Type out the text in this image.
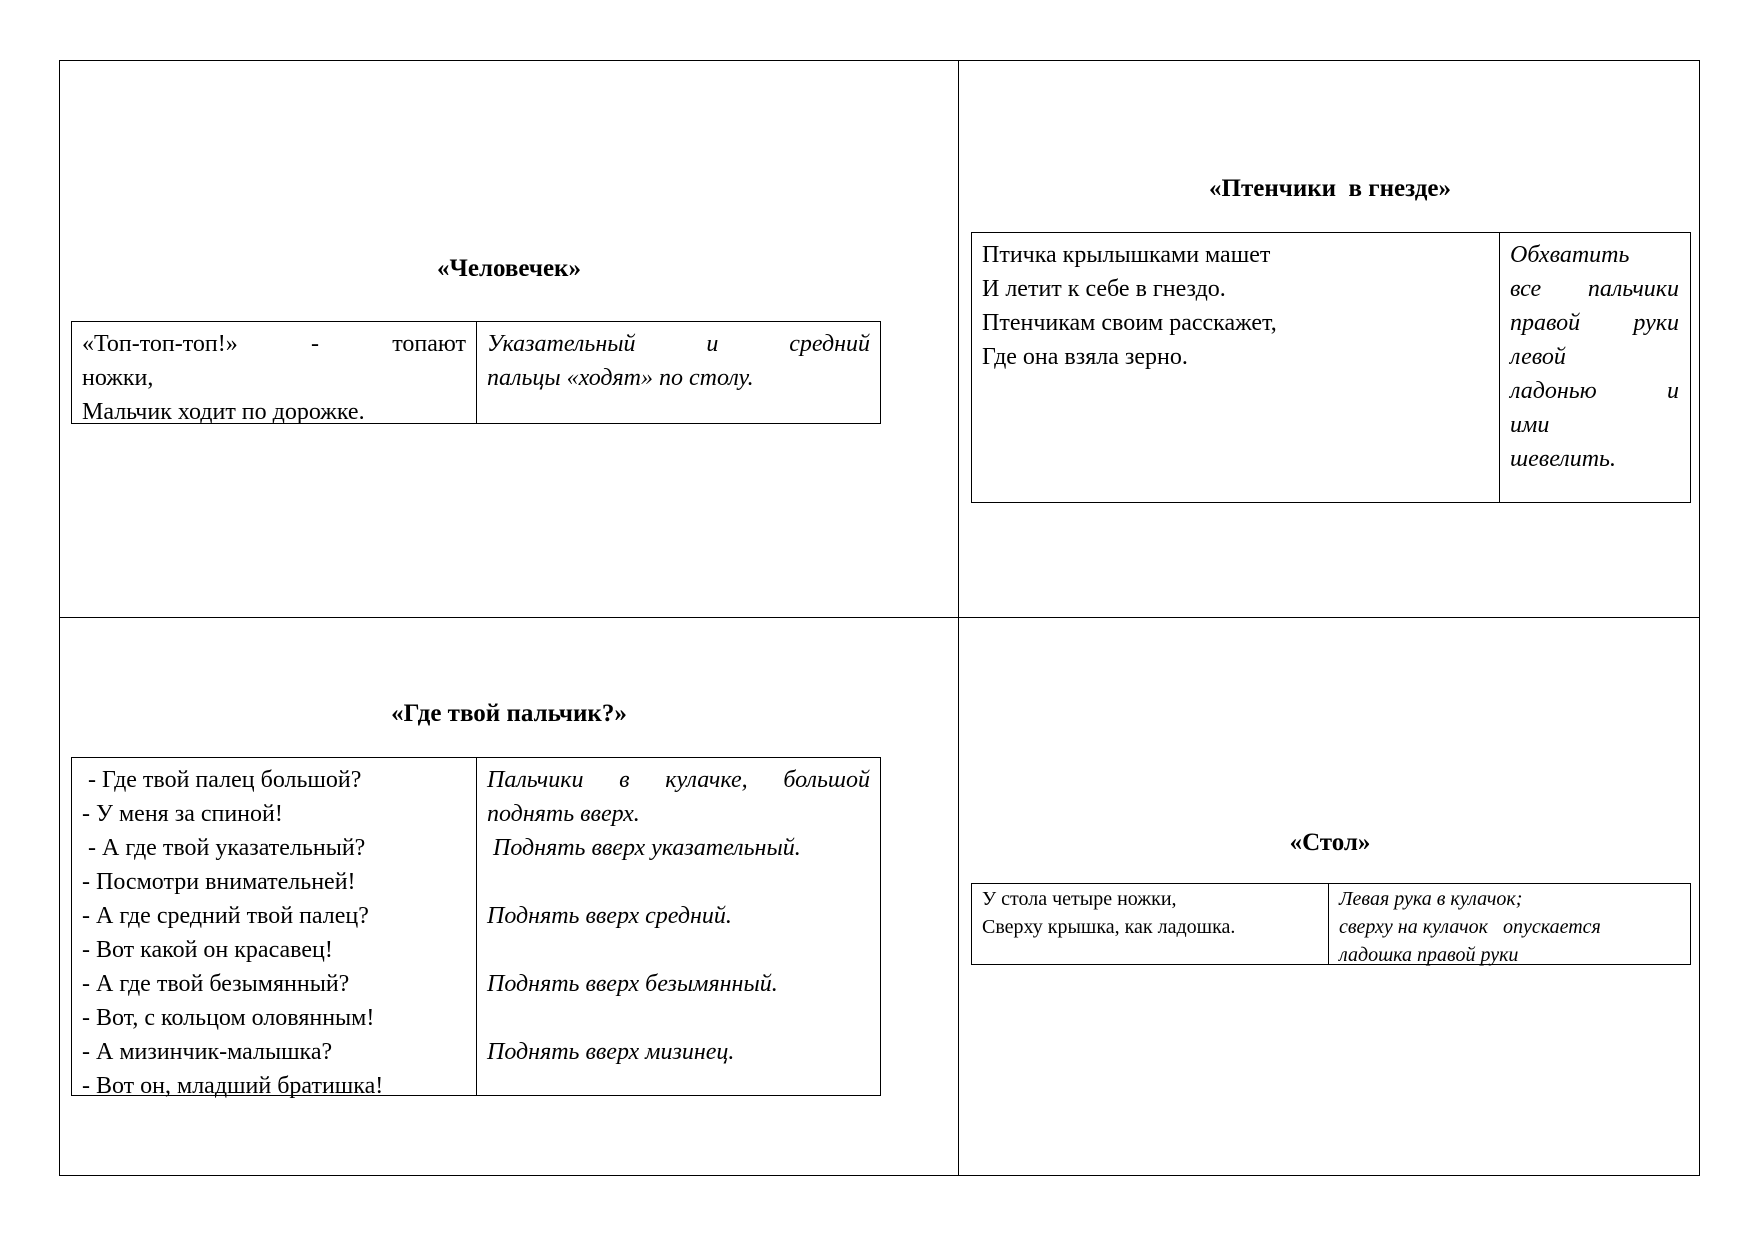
«Человечек»
«Топ-топ-топ!»  -  топают
ножки,
Мальчик ходит по дорожке.
Указательный   и   средний
пальцы «ходят» по столу.
«Птенчики  в гнезде»
Птичка крылышками машет
И летит к себе в гнездо.
Птенчикам своим расскажет,
Где она взяла зерно.
Обхватить
все  пальчики
правой  руки
левой
ладонью     и
ими
шевелить.
«Где твой пальчик?»
- Где твой палец большой?
- У меня за спиной!
- А где твой указательный?
- Посмотри внимательней!
- А где средний твой палец?
- Вот какой он красавец!
- А где твой безымянный?
- Вот, с кольцом оловянным!
- А мизинчик-малышка?
- Вот он, младший братишка!
Пальчики  в  кулачке,  большой
поднять вверх.
Поднять вверх указательный.
Поднять вверх средний.
Поднять вверх безымянный.
Поднять вверх мизинец.
«Стол»
У стола четыре ножки,
Сверху крышка, как ладошка.
Левая рука в кулачок;
сверху на кулачок   опускается
ладошка правой руки
